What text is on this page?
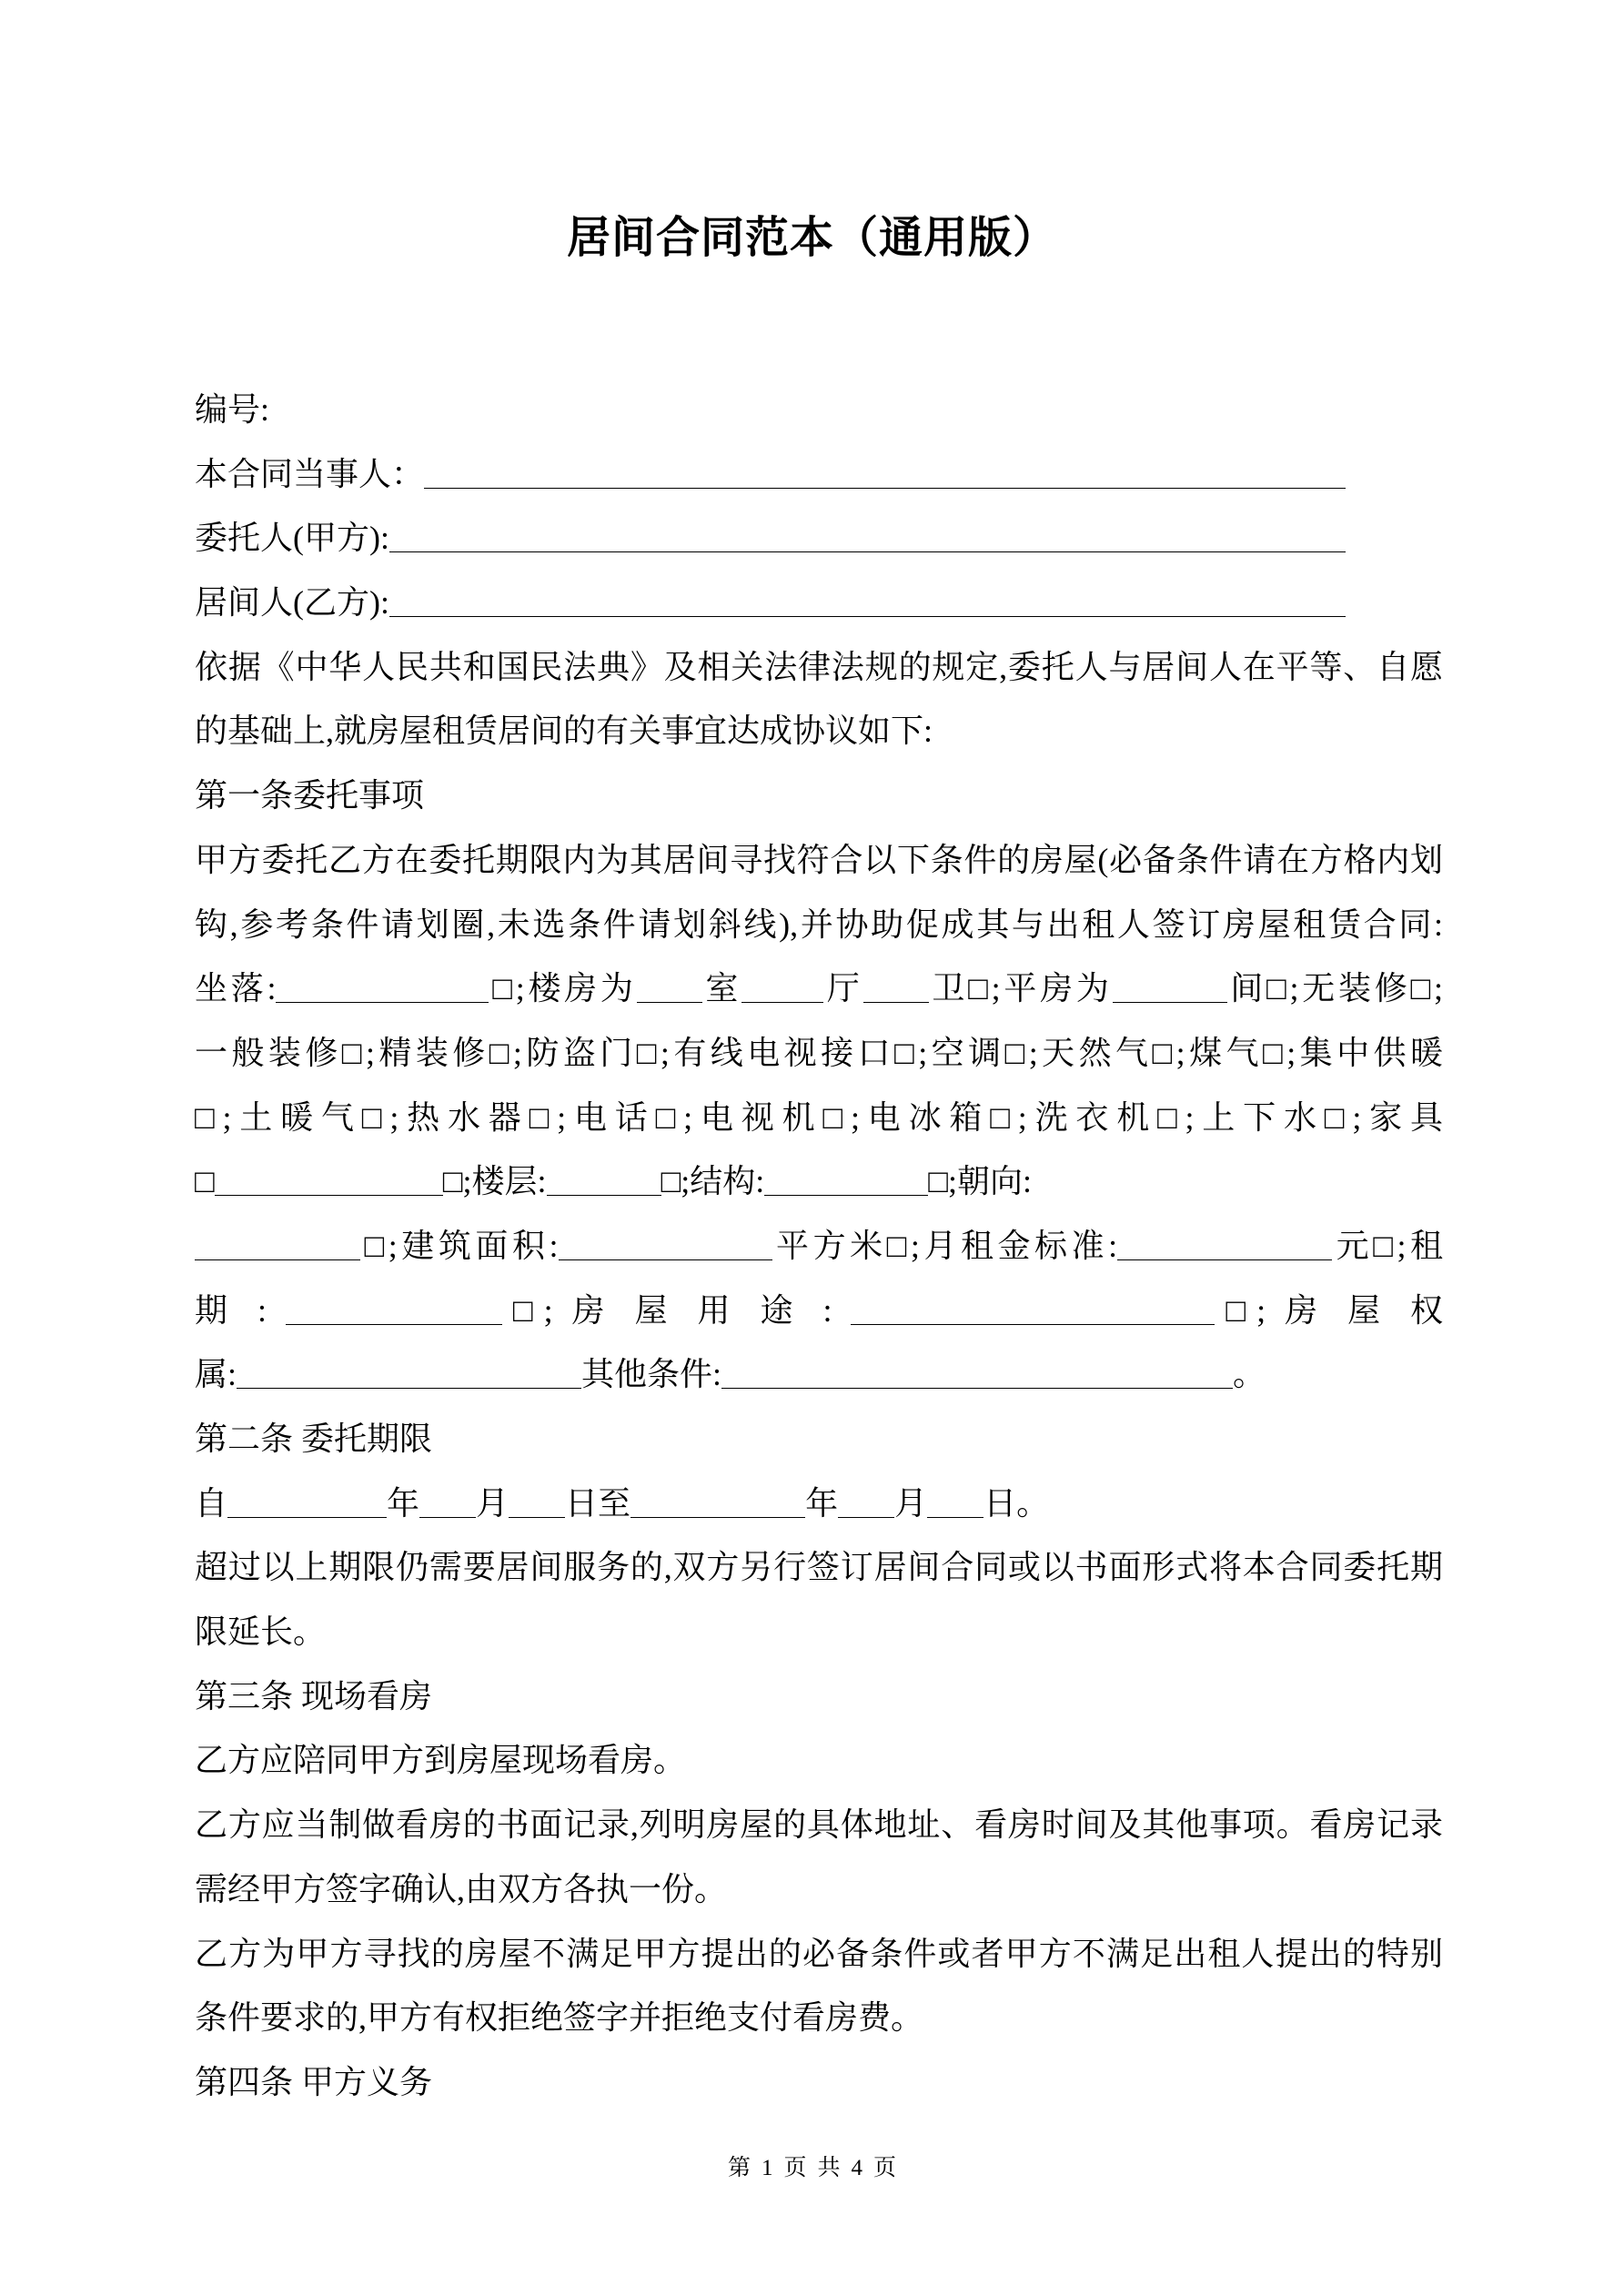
居间合同范本（通用版）
编号:
本合同当事人：
委托人(甲方):
居间人(乙方):
依据《中华人民共和国民法典》及相关法律法规的规定,委托人与居间人在平等、自愿
的基础上,就房屋租赁居间的有关事宜达成协议如下:
第一条委托事项
甲方委托乙方在委托期限内为其居间寻找符合以下条件的房屋(必备条件请在方格内划
钩,参考条件请划圈,未选条件请划斜线),并协助促成其与出租人签订房屋租赁合同:
坐落:	□;楼房为 室	厅 卫□;平房为	间□;无装修□;
一般装修□;精装修□;防盗门□;有线电视接口□;空调□;天然气□;煤气□;集中供暖
□;土暖气□;热水器□;电话□;电视机□;电冰箱□;洗衣机□;上下水□;家具
□	□;楼层:	□;结构:	□;朝向:
□;建筑面积:	平方米□;月租金标准:	元□;租
期 :	□; 房 屋 用 途 :	□; 房 屋 权
属:	其他条件:	。
第二条 委托期限
自	年 月 日至	年 月 日。
超过以上期限仍需要居间服务的,双方另行签订居间合同或以书面形式将本合同委托期
限延长。
第三条 现场看房
乙方应陪同甲方到房屋现场看房。
乙方应当制做看房的书面记录,列明房屋的具体地址、看房时间及其他事项。看房记录
需经甲方签字确认,由双方各执一份。
乙方为甲方寻找的房屋不满足甲方提出的必备条件或者甲方不满足出租人提出的特别
条件要求的,甲方有权拒绝签字并拒绝支付看房费。
第四条 甲方义务
第 1 页 共 4 页
